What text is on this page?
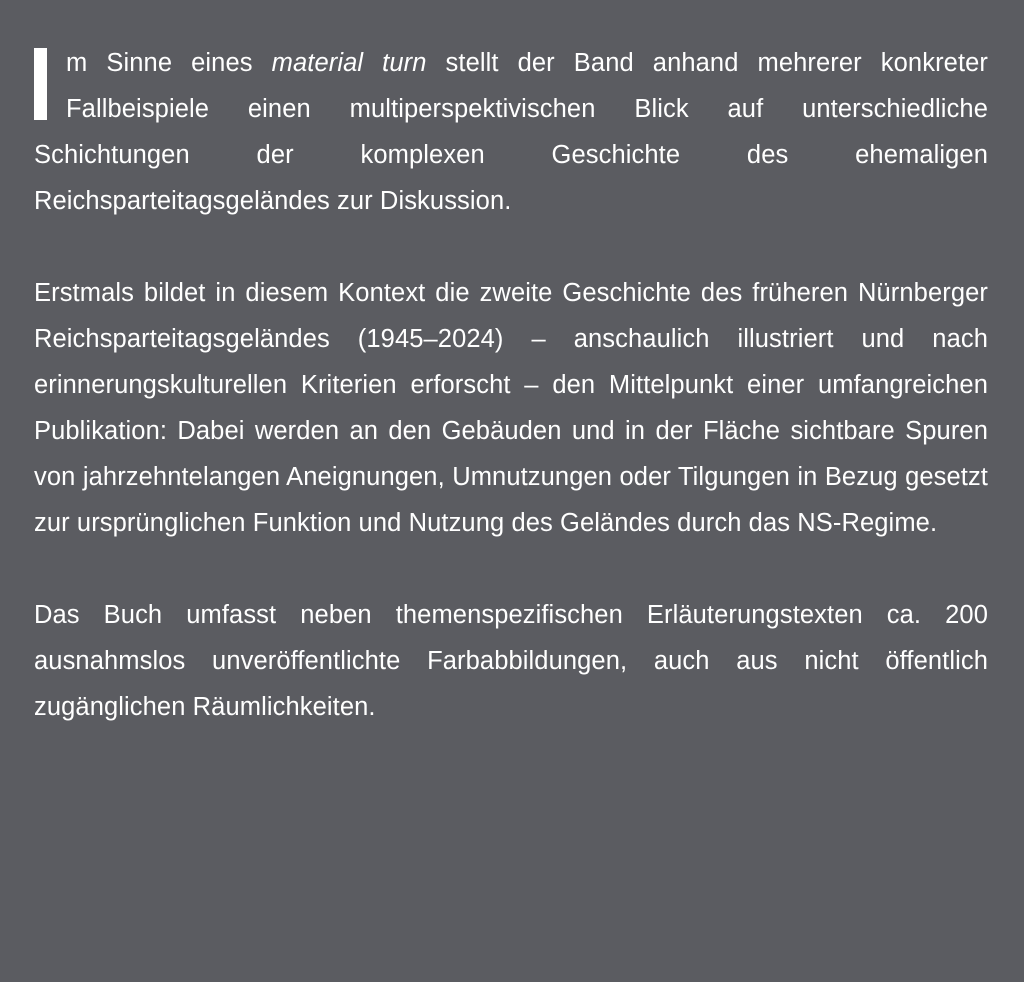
m Sinne eines material turn stellt der Band anhand mehrerer konkreter Fallbeispiele einen multiperspektivischen Blick auf unterschiedliche Schichtungen der komplexen Geschichte des ehemaligen Reichsparteitagsgeländes zur Diskussion.

Erstmals bildet in diesem Kontext die zweite Geschichte des früheren Nürnberger Reichsparteitagsgeländes (1945–2024) – anschaulich illustriert und nach erinnerungskulturellen Kriterien erforscht – den Mittelpunkt einer umfangreichen Publikation: Dabei werden an den Gebäuden und in der Fläche sichtbare Spuren von jahrzehntelangen Aneignungen, Umnutzungen oder Tilgungen in Bezug gesetzt zur ursprünglichen Funktion und Nutzung des Geländes durch das NS-Regime.

Das Buch umfasst neben themenspezifischen Erläuterungstexten ca. 200 ausnahmslos unveröffentlichte Farbabbildungen, auch aus nicht öffentlich zugänglichen Räumlichkeiten.
